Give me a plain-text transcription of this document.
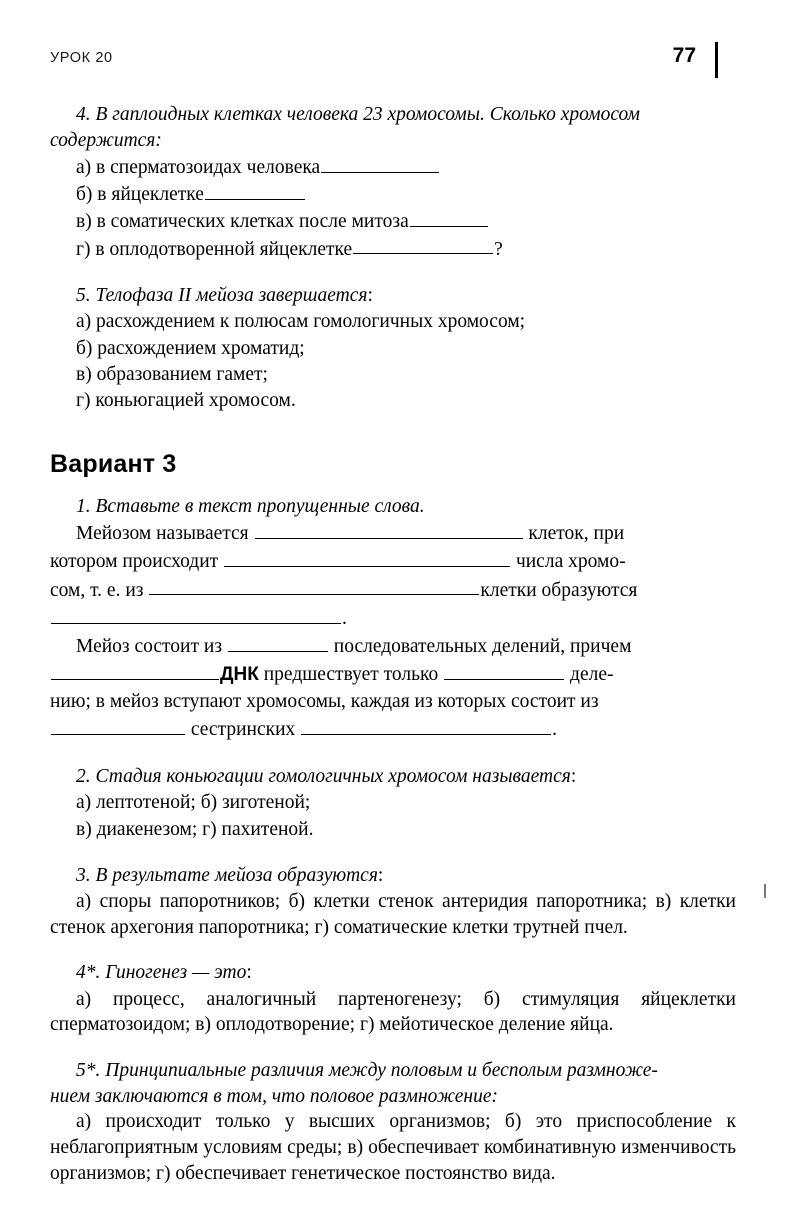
УРОК 20	77

4. В гаплоидных клетках человека 23 хромосомы. Сколько хромосом

содержится:

а) в сперматозоидах человека

б) в яйцеклетке

в) в соматических клетках после митоза

г) в оплодотворенной яйцеклетке	?

5. Телофаза II мейоза завершается:

а) расхождением к полюсам гомологичных хромосом;

б) расхождением хроматид;

в) образованием гамет;

г) коньюгацией хромосом.

Вариант 3

1. Вставьте в текст пропущенные слова.

Мейозом называется	клеток, при

котором происходит	числа хромо-

сом, т. е. из	клетки образуются

.

Мейоз состоит из	последовательных делений, причем

ДНК предшествует только	деле-

нию; в мейоз вступают хромосомы, каждая из которых состоит из

сестринских	.

2. Стадия коньюгации гомологичных хромосом называется:

а) лептотеной; б) зиготеной;

в) диакенезом; г) пахитеной.

3. В результате мейоза образуются:

а) споры папоротников; б) клетки стенок антеридия папоротника; в) клетки стенок архегония папоротника; г) соматические клетки трутней пчел.

4*. Гиногенез — это:

а) процесс, аналогичный партеногенезу; б) стимуляция яйцеклетки сперматозоидом; в) оплодотворение; г) мейотическое деление яйца.

5*. Принципиальные различия между половым и бесполым размноже-

нием заключаются в том, что половое размножение:

а) происходит только у высших организмов; б) это приспособление к неблагоприятным условиям среды; в) обеспечивает комбинативную изменчивость организмов; г) обеспечивает генетическое постоянство вида.
